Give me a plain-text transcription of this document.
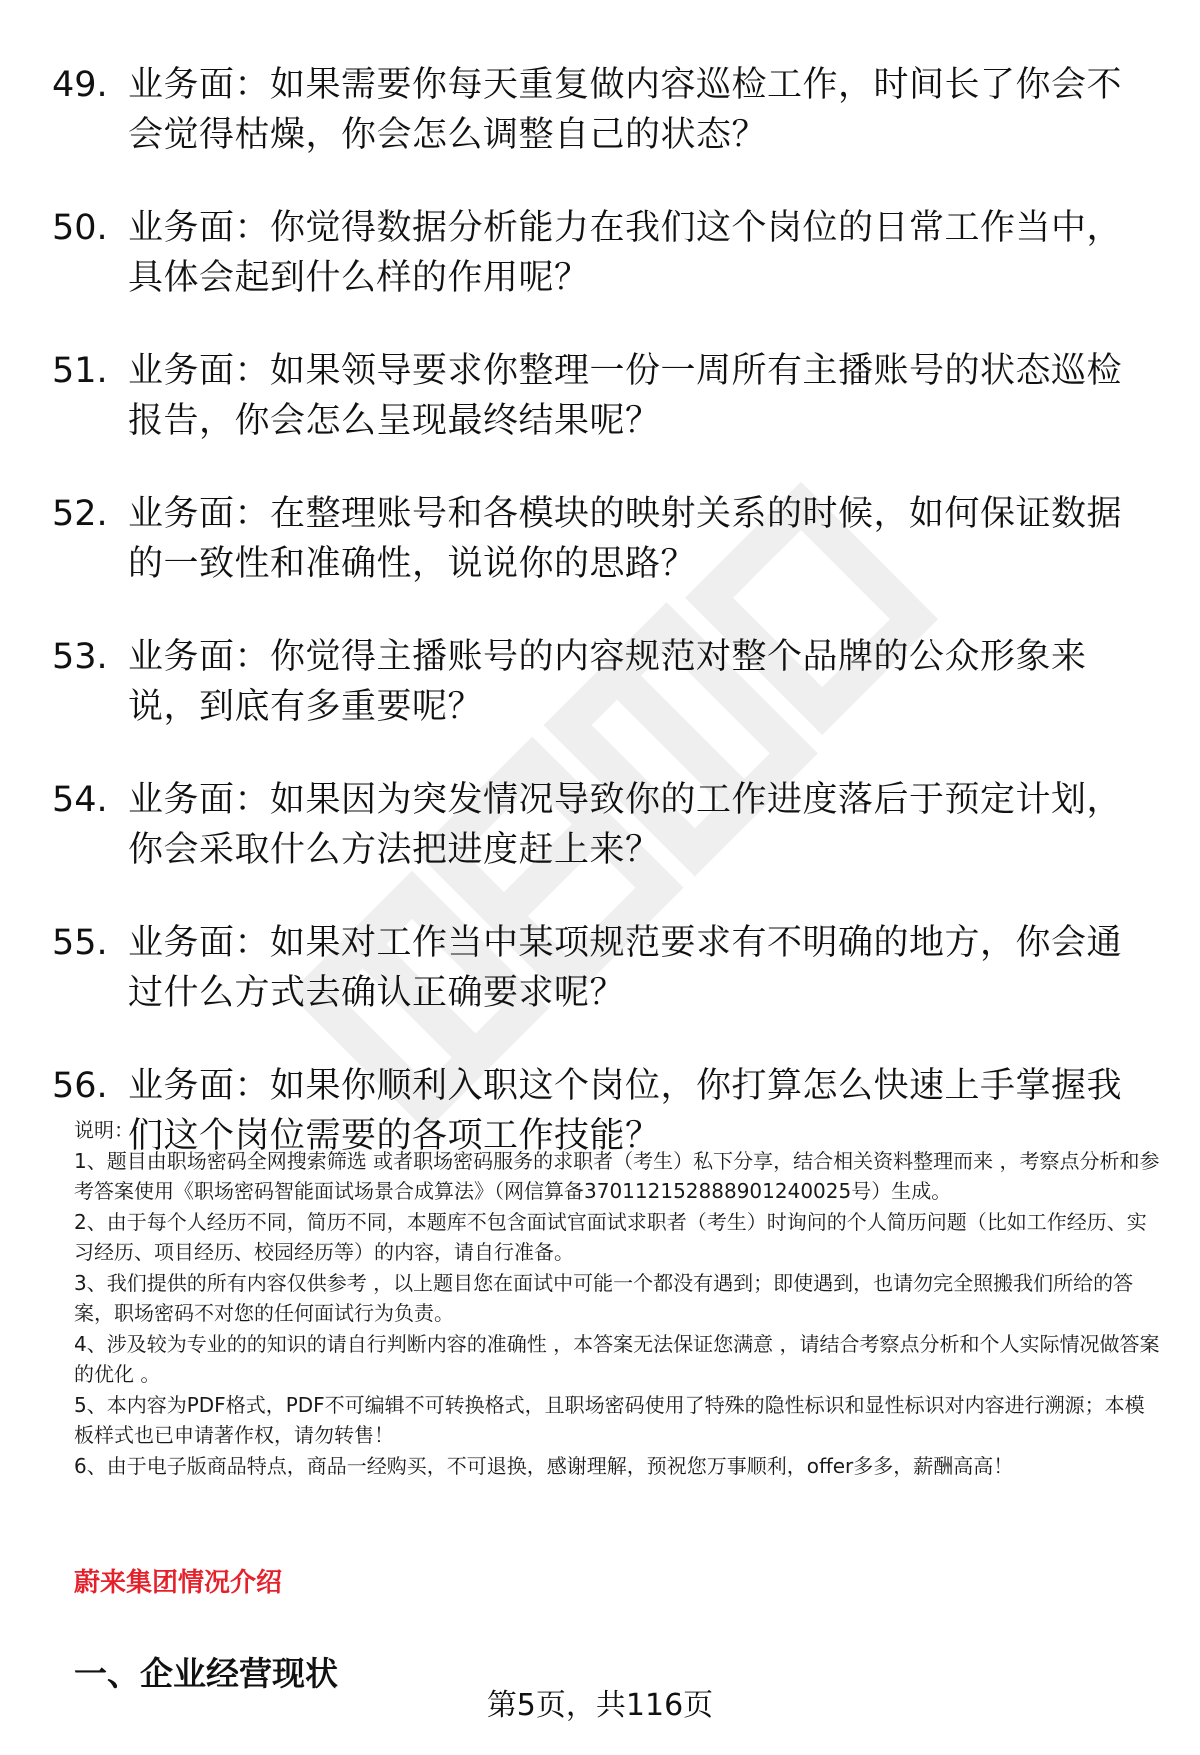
49. 业务面：如果需要你每天重复做内容巡检工作，时间长了你会不会觉得枯燥，你会怎么调整自己的状态？
50. 业务面：你觉得数据分析能力在我们这个岗位的日常工作当中，具体会起到什么样的作用呢？
51. 业务面：如果领导要求你整理一份一周所有主播账号的状态巡检报告，你会怎么呈现最终结果呢？
52. 业务面：在整理账号和各模块的映射关系的时候，如何保证数据的一致性和准确性，说说你的思路？
53. 业务面：你觉得主播账号的内容规范对整个品牌的公众形象来说，到底有多重要呢？
54. 业务面：如果因为突发情况导致你的工作进度落后于预定计划，你会采取什么方法把进度赶上来？
55. 业务面：如果对工作当中某项规范要求有不明确的地方，你会通过什么方式去确认正确要求呢？
56. 业务面：如果你顺利入职这个岗位，你打算怎么快速上手掌握我们这个岗位需要的各项工作技能？

说明：

1、题目由职场密码全网搜索筛选 或者职场密码服务的求职者（考生）私下分享，结合相关资料整理而来 ，考察点分析和参考答案使用《职场密码智能面试场景合成算法》（网信算备370112152888901240025号）生成。

2、由于每个人经历不同，简历不同，本题库不包含面试官面试求职者（考生）时询问的个人简历问题（比如工作经历、实习经历、项目经历、校园经历等）的内容，请自行准备。

3、我们提供的所有内容仅供参考 ，以上题目您在面试中可能一个都没有遇到；即使遇到，也请勿完全照搬我们所给的答案，职场密码不对您的任何面试行为负责。

4、涉及较为专业的的知识的请自行判断内容的准确性 ，本答案无法保证您满意 ，请结合考察点分析和个人实际情况做答案的优化 。

5、本内容为PDF格式，PDF不可编辑不可转换格式，且职场密码使用了特殊的隐性标识和显性标识对内容进行溯源；本模板样式也已申请著作权，请勿转售！

6、由于电子版商品特点，商品一经购买，不可退换，感谢理解，预祝您万事顺利，offer多多，薪酬高高！

蔚来集团情况介绍
一、企业经营现状
第5页，共116页
